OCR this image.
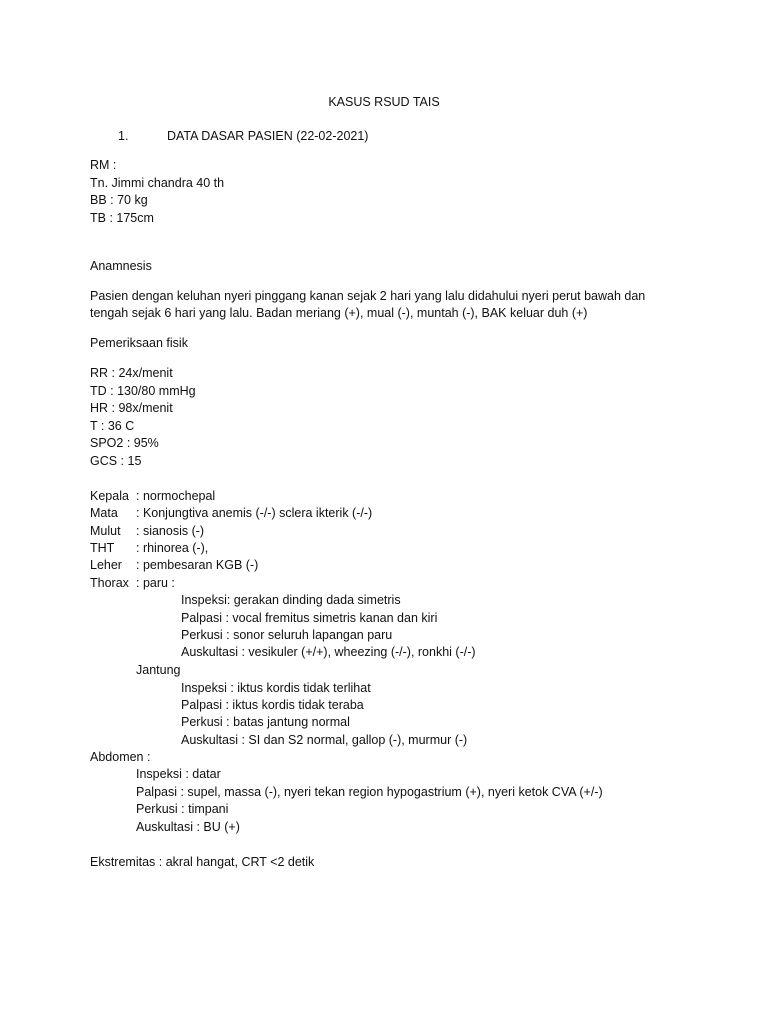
KASUS RSUD TAIS
1.	DATA DASAR PASIEN (22-02-2021)
RM :
Tn. Jimmi chandra 40 th
BB : 70 kg
TB : 175cm
Anamnesis
Pasien dengan keluhan nyeri pinggang kanan sejak 2 hari yang lalu didahului nyeri perut bawah dan
tengah sejak 6 hari yang lalu. Badan meriang (+), mual (-), muntah (-), BAK keluar duh (+)
Pemeriksaan fisik
RR : 24x/menit
TD : 130/80 mmHg
HR : 98x/menit
T : 36 C
SPO2 : 95%
GCS : 15
Kepala : normochepal
Mata	: Konjungtiva anemis (-/-) sclera ikterik (-/-)
Mulut	: sianosis (-)
THT	: rhinorea (-),
Leher	: pembesaran KGB (-)
Thorax : paru :
Inspeksi: gerakan dinding dada simetris
Palpasi : vocal fremitus simetris kanan dan kiri
Perkusi : sonor seluruh lapangan paru
Auskultasi : vesikuler (+/+), wheezing (-/-), ronkhi (-/-)
Jantung
Inspeksi : iktus kordis tidak terlihat
Palpasi : iktus kordis tidak teraba
Perkusi : batas jantung normal
Auskultasi : SI dan S2 normal, gallop (-), murmur (-)
Abdomen :
Inspeksi : datar
Palpasi : supel, massa (-), nyeri tekan region hypogastrium (+), nyeri ketok CVA (+/-)
Perkusi : timpani
Auskultasi : BU (+)
Ekstremitas : akral hangat, CRT <2 detik
